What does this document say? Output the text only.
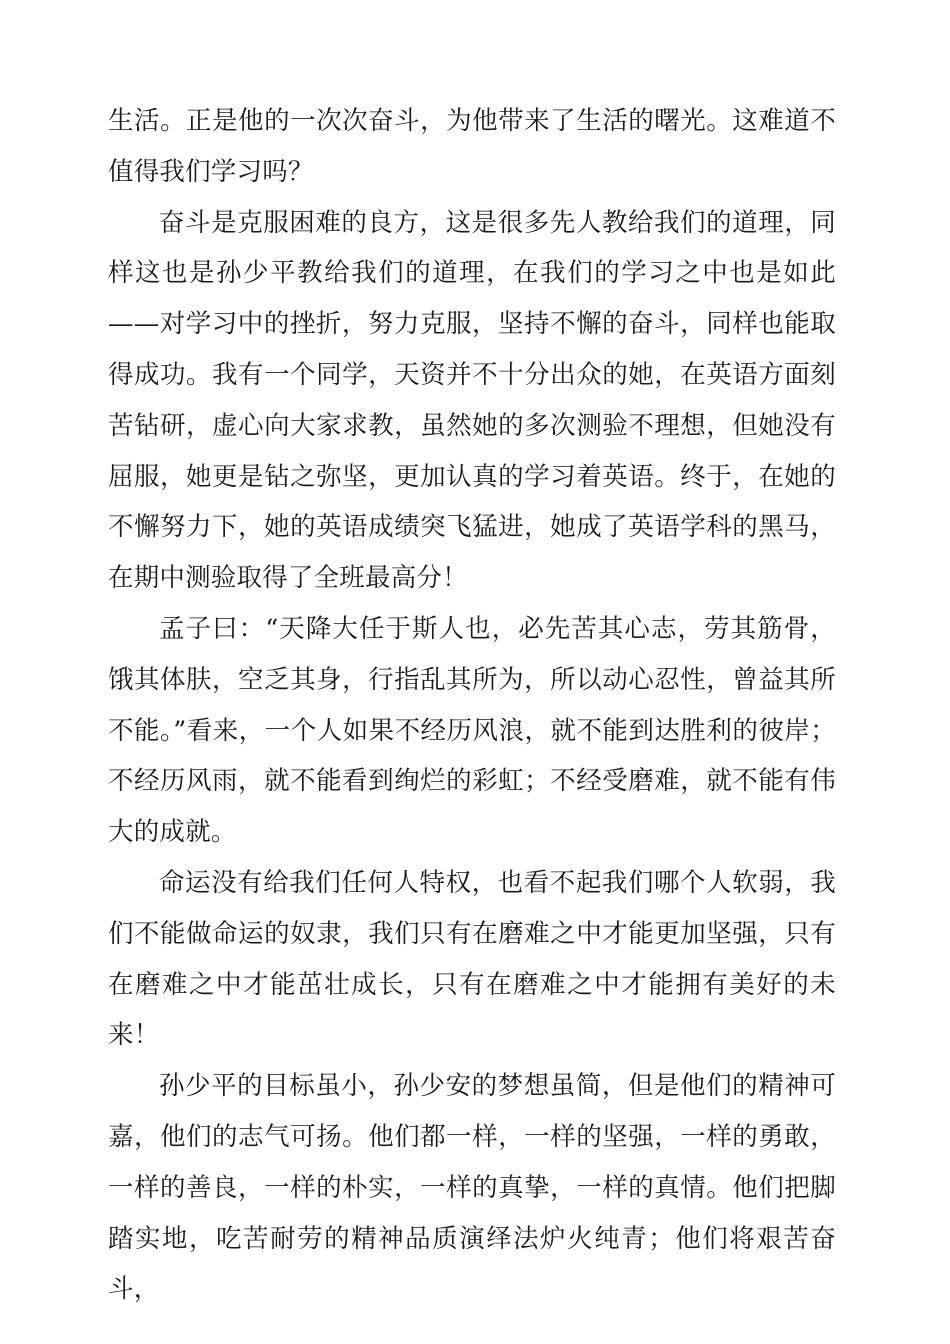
生活。正是他的一次次奋斗，为他带来了生活的曙光。这难道不值得我们学习吗？

奋斗是克服困难的良方，这是很多先人教给我们的道理，同样这也是孙少平教给我们的道理，在我们的学习之中也是如此——对学习中的挫折，努力克服，坚持不懈的奋斗，同样也能取得成功。我有一个同学，天资并不十分出众的她，在英语方面刻苦钻研，虚心向大家求教，虽然她的多次测验不理想，但她没有屈服，她更是钻之弥坚，更加认真的学习着英语。终于，在她的不懈努力下，她的英语成绩突飞猛进，她成了英语学科的黑马，在期中测验取得了全班最高分！

孟子曰：“天降大任于斯人也，必先苦其心志，劳其筋骨，饿其体肤，空乏其身，行指乱其所为，所以动心忍性，曾益其所不能。”看来，一个人如果不经历风浪，就不能到达胜利的彼岸；不经历风雨，就不能看到绚烂的彩虹；不经受磨难，就不能有伟大的成就。

命运没有给我们任何人特权，也看不起我们哪个人软弱，我们不能做命运的奴隶，我们只有在磨难之中才能更加坚强，只有在磨难之中才能茁壮成长，只有在磨难之中才能拥有美好的未来！

孙少平的目标虽小，孙少安的梦想虽简，但是他们的精神可嘉，他们的志气可扬。他们都一样，一样的坚强，一样的勇敢，一样的善良，一样的朴实，一样的真挚，一样的真情。他们把脚踏实地，吃苦耐劳的精神品质演绎法炉火纯青；他们将艰苦奋斗，
